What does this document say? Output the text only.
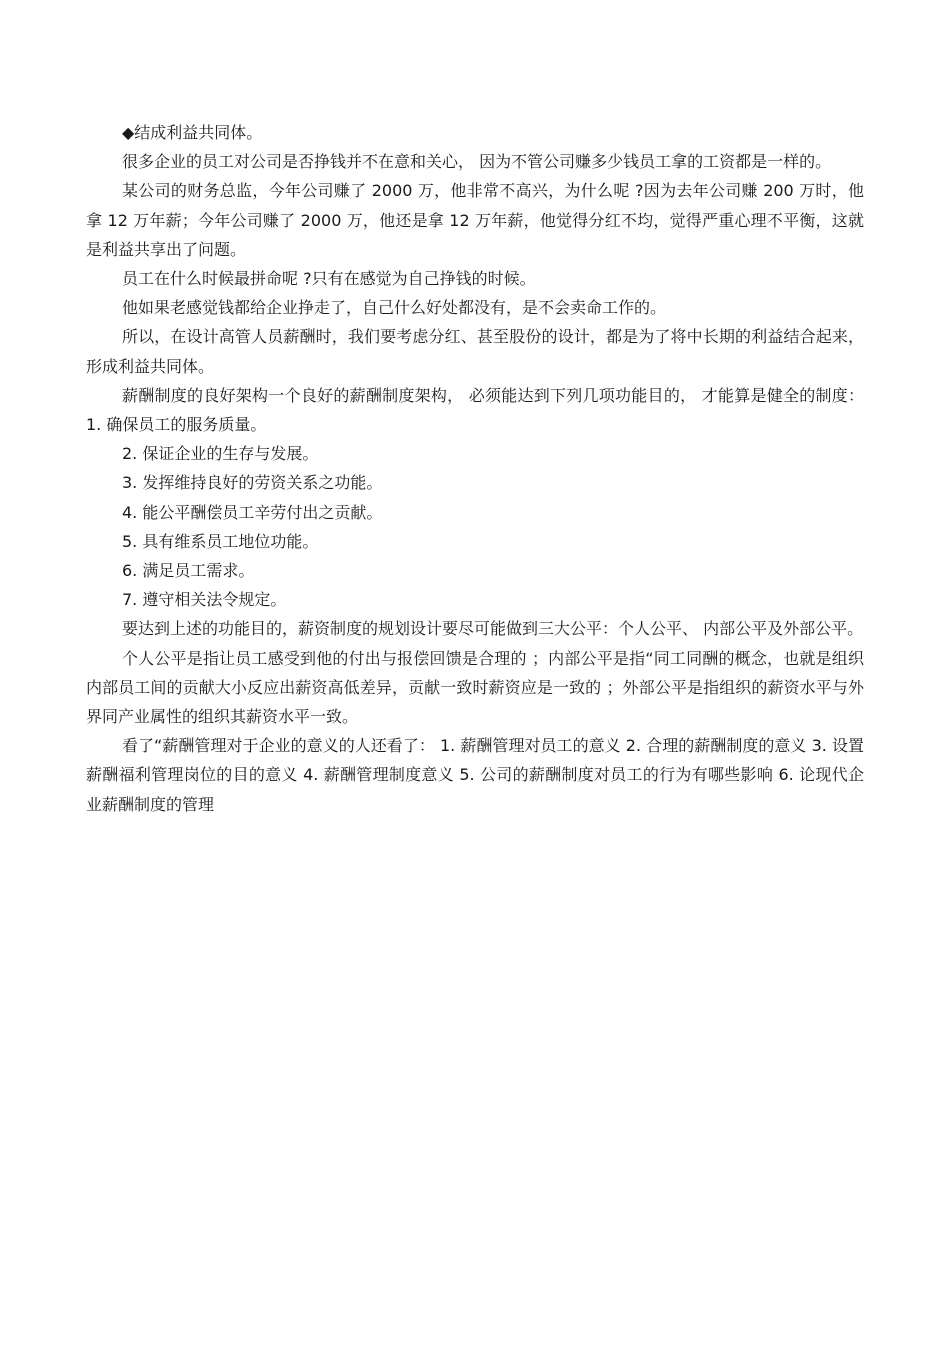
◆结成利益共同体。

很多企业的员工对公司是否挣钱并不在意和关心， 因为不管公司赚多少钱员工拿的工资都是一样的。

某公司的财务总监，今年公司赚了 2000 万，他非常不高兴，为什么呢 ?因为去年公司赚 200 万时，他拿 12 万年薪；今年公司赚了 2000 万，他还是拿 12 万年薪，他觉得分红不均，觉得严重心理不平衡，这就是利益共享出了问题。

员工在什么时候最拼命呢 ?只有在感觉为自己挣钱的时候。

他如果老感觉钱都给企业挣走了，自己什么好处都没有，是不会卖命工作的。

所以，在设计高管人员薪酬时，我们要考虑分红、甚至股份的设计，都是为了将中长期的利益结合起来，形成利益共同体。

薪酬制度的良好架构一个良好的薪酬制度架构， 必须能达到下列几项功能目的， 才能算是健全的制度： 1. 确保员工的服务质量。

2. 保证企业的生存与发展。

3. 发挥维持良好的劳资关系之功能。

4. 能公平酬偿员工辛劳付出之贡献。

5. 具有维系员工地位功能。

6. 满足员工需求。

7. 遵守相关法令规定。

要达到上述的功能目的，薪资制度的规划设计要尽可能做到三大公平：个人公平、 内部公平及外部公平。

个人公平是指让员工感受到他的付出与报偿回馈是合理的 ；内部公平是指“同工同酬的概念，也就是组织内部员工间的贡献大小反应出薪资高低差异，贡献一致时薪资应是一致的 ；外部公平是指组织的薪资水平与外界同产业属性的组织其薪资水平一致。

看了“薪酬管理对于企业的意义的人还看了： 1. 薪酬管理对员工的意义 2. 合理的薪酬制度的意义 3. 设置薪酬福利管理岗位的目的意义 4. 薪酬管理制度意义 5. 公司的薪酬制度对员工的行为有哪些影响 6. 论现代企业薪酬制度的管理
